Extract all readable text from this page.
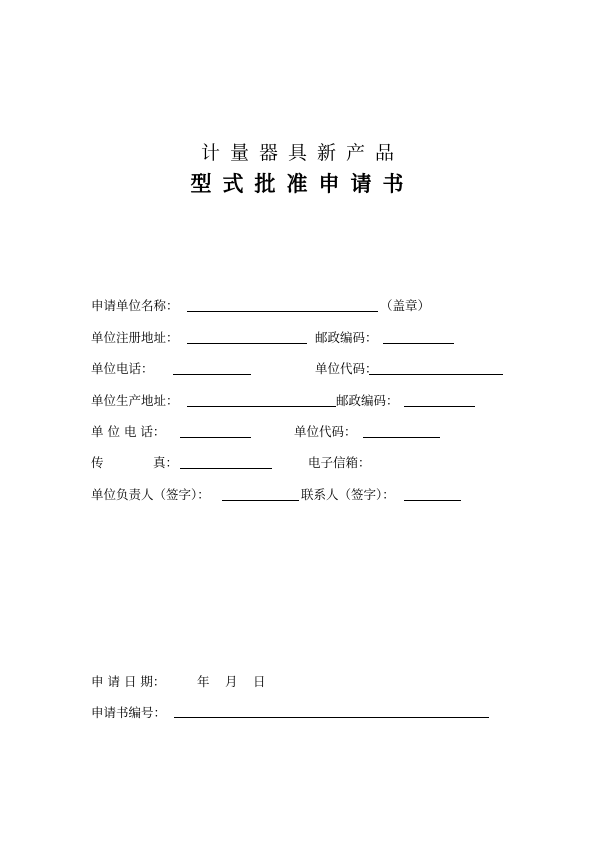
计量器具新产品
型式批准申请书
申请单位名称：	（盖章）
单位注册地址：	邮政编码：
单位电话：	单位代码：
单位生产地址：	邮政编码：
单 位 电 话：	单位代码：
传	真：	电子信箱：
单位负责人（签字）：	联系人（签字）：
申 请 日 期：	年 月 日
申请书编号：
